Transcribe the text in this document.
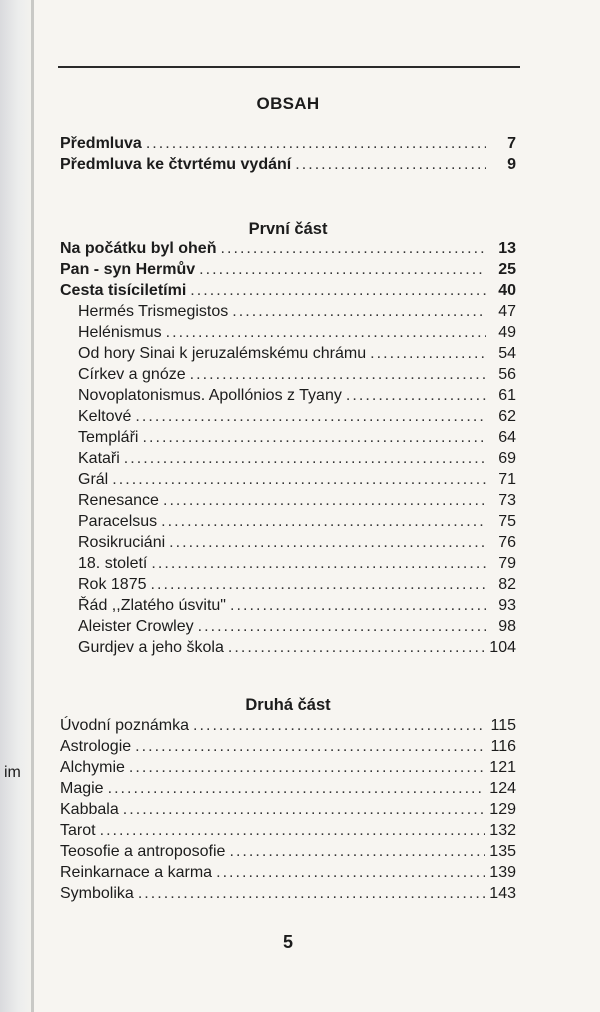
im
OBSAH
Předmluva . . .	7
Předmluva ke čtvrtému vydání . . .	9
První část
Na počátku byl oheň . . .	13
Pan - syn Hermův . . .	25
Cesta tisíciletími . . .	40
Hermés Trismegistos . . .	47
Helénismus . . .	49
Od hory Sinai k jeruzalémskému chrámu . . .	54
Církev a gnóze . . .	56
Novoplatonismus. Apollónios z Tyany . . .	61
Keltové . . .	62
Templáři . . .	64
Kataři . . .	69
Grál . . .	71
Renesance . . .	73
Paracelsus . . .	75
Rosikruciáni . . .	76
18. století . . .	79
Rok 1875 . . .	82
Řád ,,Zlatého úsvitu" . . .	93
Aleister Crowley . . .	98
Gurdjev a jeho škola . . .	104
Druhá část
Úvodní poznámka . . .	115
Astrologie . . .	116
Alchymie . . .	121
Magie . . .	124
Kabbala . . .	129
Tarot . . .	132
Teosofie a antroposofie . . .	135
Reinkarnace a karma . . .	139
Symbolika . . .	143
5
